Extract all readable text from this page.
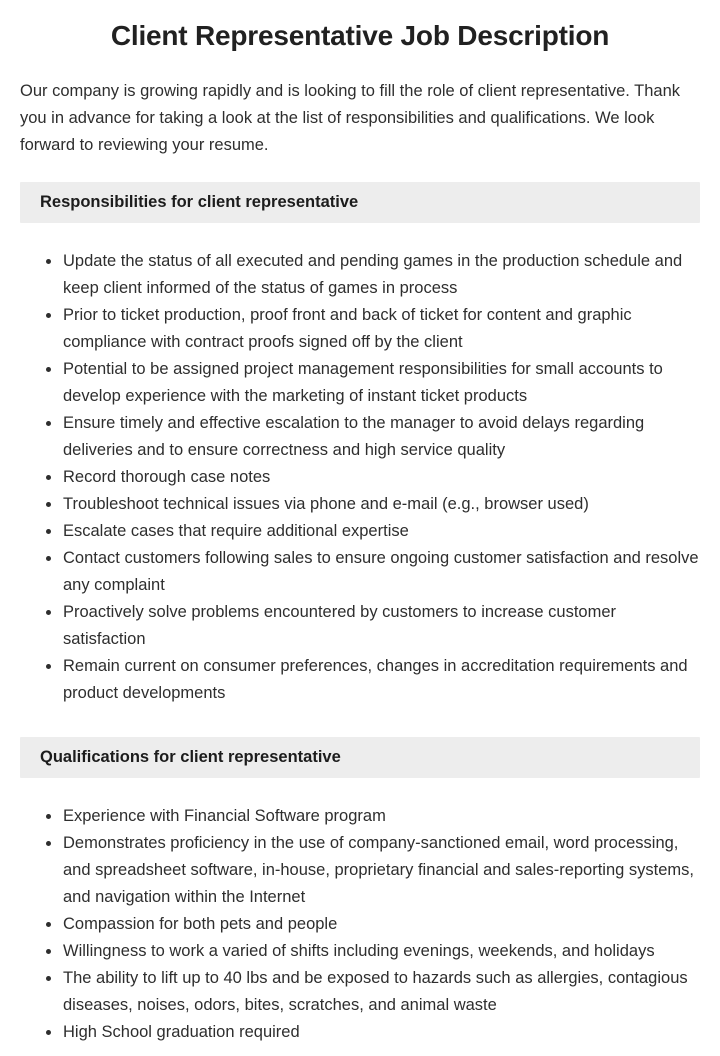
Client Representative Job Description

Our company is growing rapidly and is looking to fill the role of client representative. Thank you in advance for taking a look at the list of responsibilities and qualifications. We look forward to reviewing your resume.

Responsibilities for client representative
• Update the status of all executed and pending games in the production schedule and keep client informed of the status of games in process
• Prior to ticket production, proof front and back of ticket for content and graphic compliance with contract proofs signed off by the client
• Potential to be assigned project management responsibilities for small accounts to develop experience with the marketing of instant ticket products
• Ensure timely and effective escalation to the manager to avoid delays regarding deliveries and to ensure correctness and high service quality
• Record thorough case notes
• Troubleshoot technical issues via phone and e-mail (e.g., browser used)
• Escalate cases that require additional expertise
• Contact customers following sales to ensure ongoing customer satisfaction and resolve any complaint
• Proactively solve problems encountered by customers to increase customer satisfaction
• Remain current on consumer preferences, changes in accreditation requirements and product developments
Qualifications for client representative
• Experience with Financial Software program
• Demonstrates proficiency in the use of company-sanctioned email, word processing, and spreadsheet software, in-house, proprietary financial and sales-reporting systems, and navigation within the Internet
• Compassion for both pets and people
• Willingness to work a varied of shifts including evenings, weekends, and holidays
• The ability to lift up to 40 lbs and be exposed to hazards such as allergies, contagious diseases, noises, odors, bites, scratches, and animal waste
• High School graduation required
